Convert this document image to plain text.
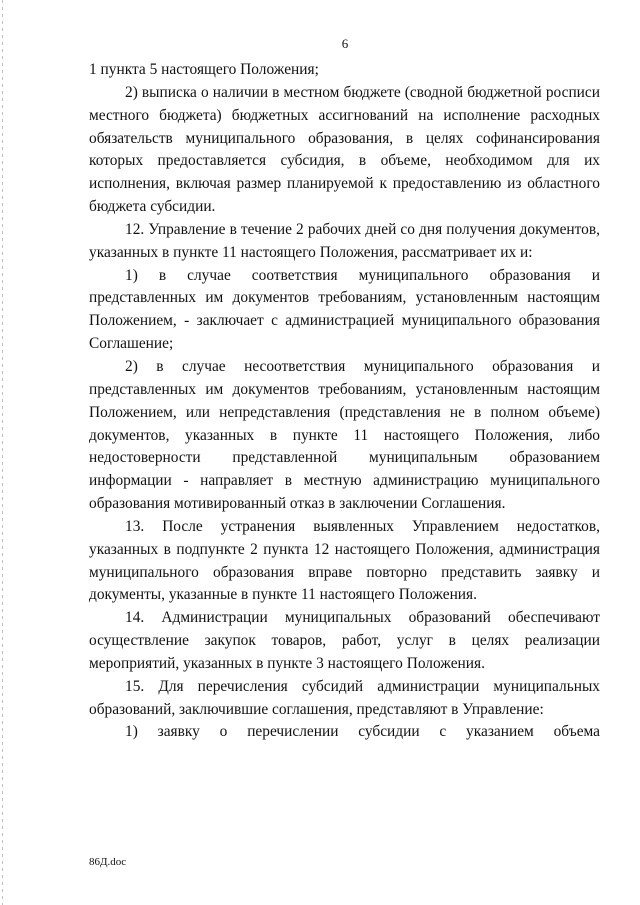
6

1 пункта 5 настоящего Положения;

2) выписка о наличии в местном бюджете (сводной бюджетной росписи местного бюджета) бюджетных ассигнований на исполнение расходных обязательств муниципального образования, в целях софинансирования которых предоставляется субсидия, в объеме, необходимом для их исполнения, включая размер планируемой к предоставлению из областного бюджета субсидии.

12. Управление в течение 2 рабочих дней со дня получения документов, указанных в пункте 11 настоящего Положения, рассматривает их и:

1) в случае соответствия муниципального образования и представленных им документов требованиям, установленным настоящим Положением, - заключает с администрацией муниципального образования Соглашение;

2) в случае несоответствия муниципального образования и представленных им документов требованиям, установленным настоящим Положением, или непредставления (представления не в полном объеме) документов, указанных в пункте 11 настоящего Положения, либо недостоверности представленной муниципальным образованием информации - направляет в местную администрацию муниципального образования мотивированный отказ в заключении Соглашения.

13. После устранения выявленных Управлением недостатков, указанных в подпункте 2 пункта 12 настоящего Положения, администрация муниципального образования вправе повторно представить заявку и документы, указанные в пункте 11 настоящего Положения.

14. Администрации муниципальных образований обеспечивают осуществление закупок товаров, работ, услуг в целях реализации мероприятий, указанных в пункте 3 настоящего Положения.

15. Для перечисления субсидий администрации муниципальных образований, заключившие соглашения, представляют в Управление:

1) заявку о перечислении субсидии с указанием объема

86Д.doc
